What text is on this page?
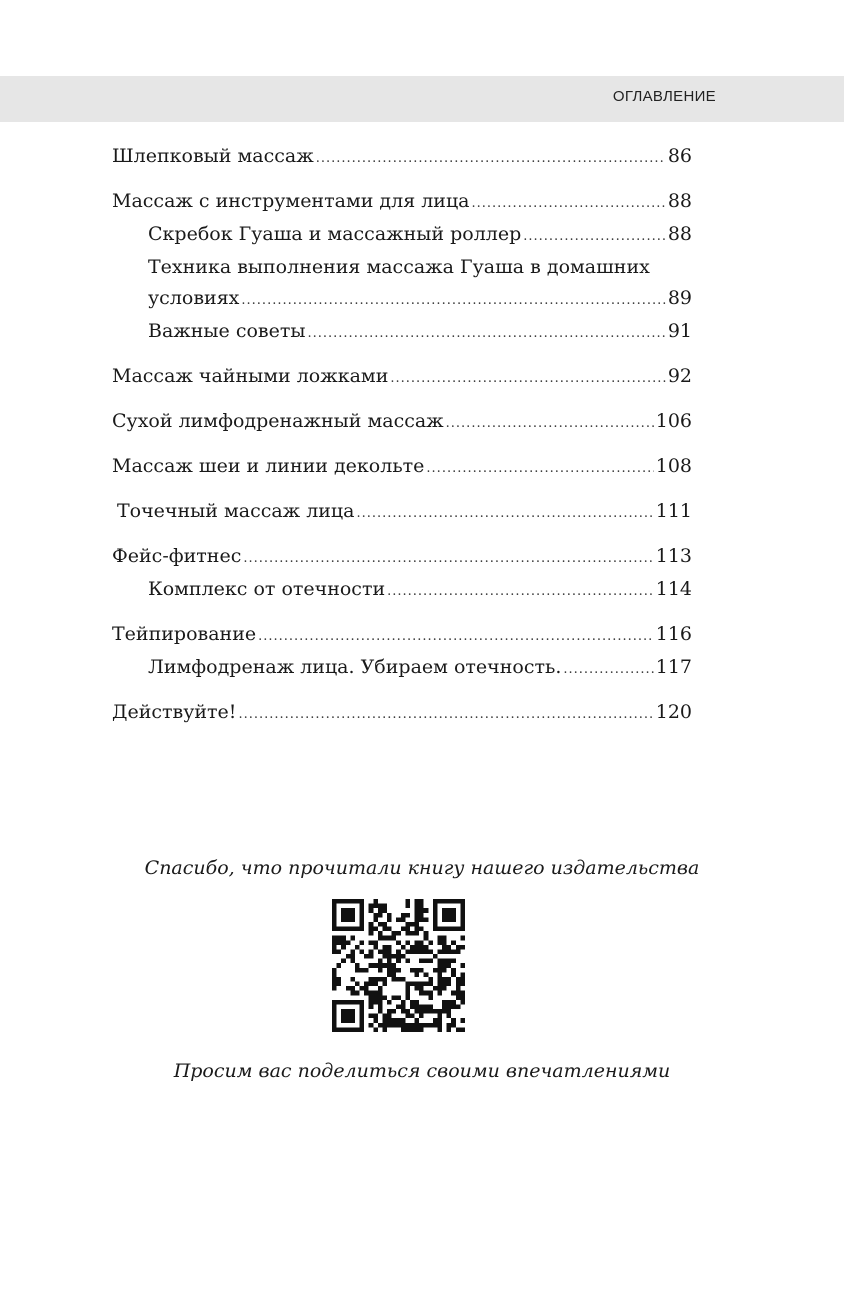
ОГЛАВЛЕНИЕ
Шлепковый массаж .....	86
Массаж с инструментами для лица .....	88
Скребок Гуаша и массажный роллер .....	88
Техника выполнения массажа Гуаша в домашних
условиях .....	89
Важные советы .....	91
Массаж чайными ложками .....	92
Сухой лимфодренажный массаж .....	106
Массаж шеи и линии декольте .....	108
Точечный массаж лица .....	111
Фейс-фитнес .....	113
Комплекс от отечности .....	114
Тейпирование .....	116
Лимфодренаж лица. Убираем отечность. .....	117
Действуйте! .....	120
Спасибо, что прочитали книгу нашего издательства
Просим вас поделиться своими впечатлениями
